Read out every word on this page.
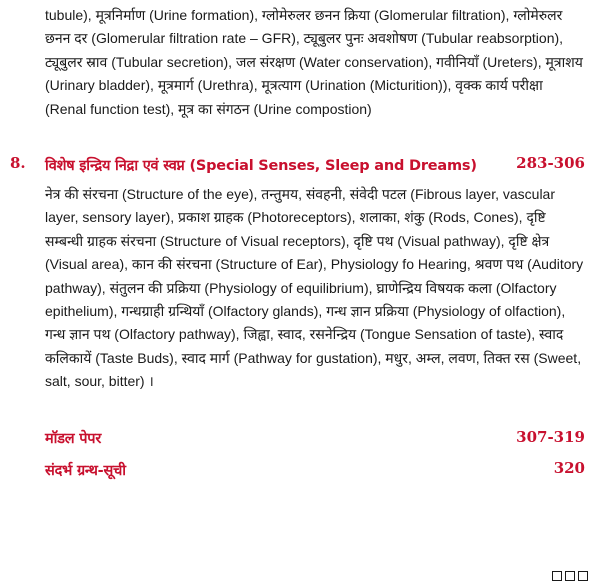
tubule), मूत्रनिर्माण (Urine formation), ग्लोमेरुलर छनन क्रिया (Glomerular filtration), ग्लोमेरुलर छनन दर (Glomerular filtration rate – GFR), ट्यूबुलर पुनः अवशोषण (Tubular reabsorption), ट्यूबुलर स्राव (Tubular secretion), जल संरक्षण (Water conservation), गवीनियाँ (Ureters), मूत्राशय (Urinary bladder), मूत्रमार्ग (Urethra), मूत्रत्याग (Urination (Micturition)), वृक्क कार्य परीक्षा (Renal function test), मूत्र का संगठन (Urine compostion)

8. विशेष इन्द्रिय निद्रा एवं स्वप्न (Special Senses, Sleep and Dreams)	283-306

नेत्र की संरचना (Structure of the eye), तन्तुमय, संवहनी, संवेदी पटल (Fibrous layer, vascular layer, sensory layer), प्रकाश ग्राहक (Photoreceptors), शलाका, शंकु (Rods, Cones), दृष्टि सम्बन्धी ग्राहक संरचना (Structure of Visual receptors), दृष्टि पथ (Visual pathway), दृष्टि क्षेत्र (Visual area), कान की संरचना (Structure of Ear), Physiology fo Hearing, श्रवण पथ (Auditory pathway), संतुलन की प्रक्रिया (Physiology of equilibrium), घ्राणेन्द्रिय विषयक कला (Olfactory epithelium), गन्धग्राही ग्रन्थियाँ (Olfactory glands), गन्ध ज्ञान प्रक्रिया (Physiology of olfaction), गन्ध ज्ञान पथ (Olfactory pathway), जिह्वा, स्वाद, रसनेन्द्रिय (Tongue Sensation of taste), स्वाद कलिकायें (Taste Buds), स्वाद मार्ग (Pathway for gustation), मधुर, अम्ल, लवण, तिक्त रस (Sweet, salt, sour, bitter) ।

मॉडल पेपर	307-319
संदर्भ ग्रन्थ-सूची	320
